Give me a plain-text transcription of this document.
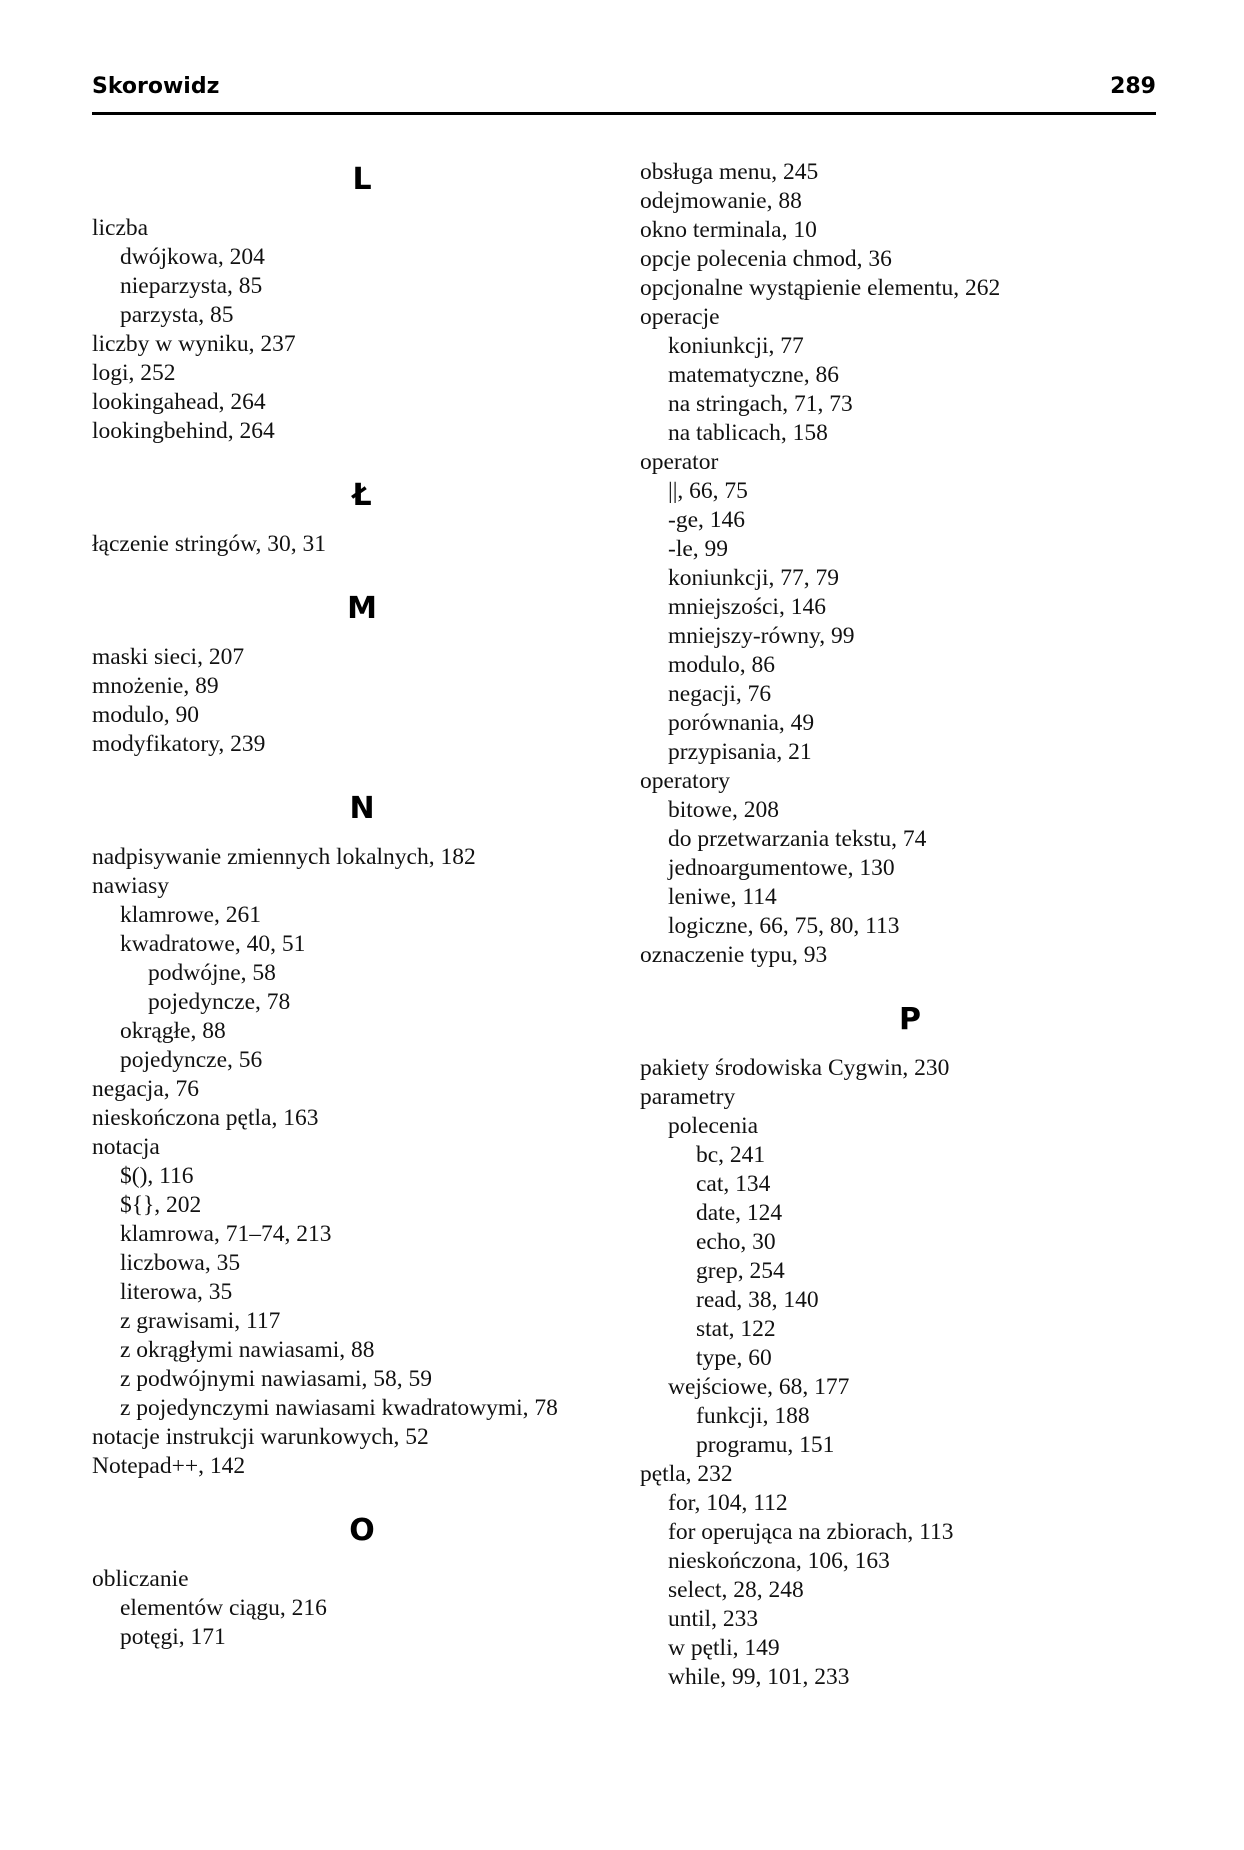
Skorowidz	289
L
liczba
dwójkowa, 204
nieparzysta, 85
parzysta, 85
liczby w wyniku, 237
logi, 252
lookingahead, 264
lookingbehind, 264
Ł
łączenie stringów, 30, 31
M
maski sieci, 207
mnożenie, 89
modulo, 90
modyfikatory, 239
N
nadpisywanie zmiennych lokalnych, 182
nawiasy
klamrowe, 261
kwadratowe, 40, 51
podwójne, 58
pojedyncze, 78
okrągłe, 88
pojedyncze, 56
negacja, 76
nieskończona pętla, 163
notacja
$(), 116
${}, 202
klamrowa, 71–74, 213
liczbowa, 35
literowa, 35
z grawisami, 117
z okrągłymi nawiasami, 88
z podwójnymi nawiasami, 58, 59
z pojedynczymi nawiasami kwadratowymi, 78
notacje instrukcji warunkowych, 52
Notepad++, 142
O
obliczanie
elementów ciągu, 216
potęgi, 171
obsługa menu, 245
odejmowanie, 88
okno terminala, 10
opcje polecenia chmod, 36
opcjonalne wystąpienie elementu, 262
operacje
koniunkcji, 77
matematyczne, 86
na stringach, 71, 73
na tablicach, 158
operator
||, 66, 75
-ge, 146
-le, 99
koniunkcji, 77, 79
mniejszości, 146
mniejszy-równy, 99
modulo, 86
negacji, 76
porównania, 49
przypisania, 21
operatory
bitowe, 208
do przetwarzania tekstu, 74
jednoargumentowe, 130
leniwe, 114
logiczne, 66, 75, 80, 113
oznaczenie typu, 93
P
pakiety środowiska Cygwin, 230
parametry
polecenia
bc, 241
cat, 134
date, 124
echo, 30
grep, 254
read, 38, 140
stat, 122
type, 60
wejściowe, 68, 177
funkcji, 188
programu, 151
pętla, 232
for, 104, 112
for operująca na zbiorach, 113
nieskończona, 106, 163
select, 28, 248
until, 233
w pętli, 149
while, 99, 101, 233
